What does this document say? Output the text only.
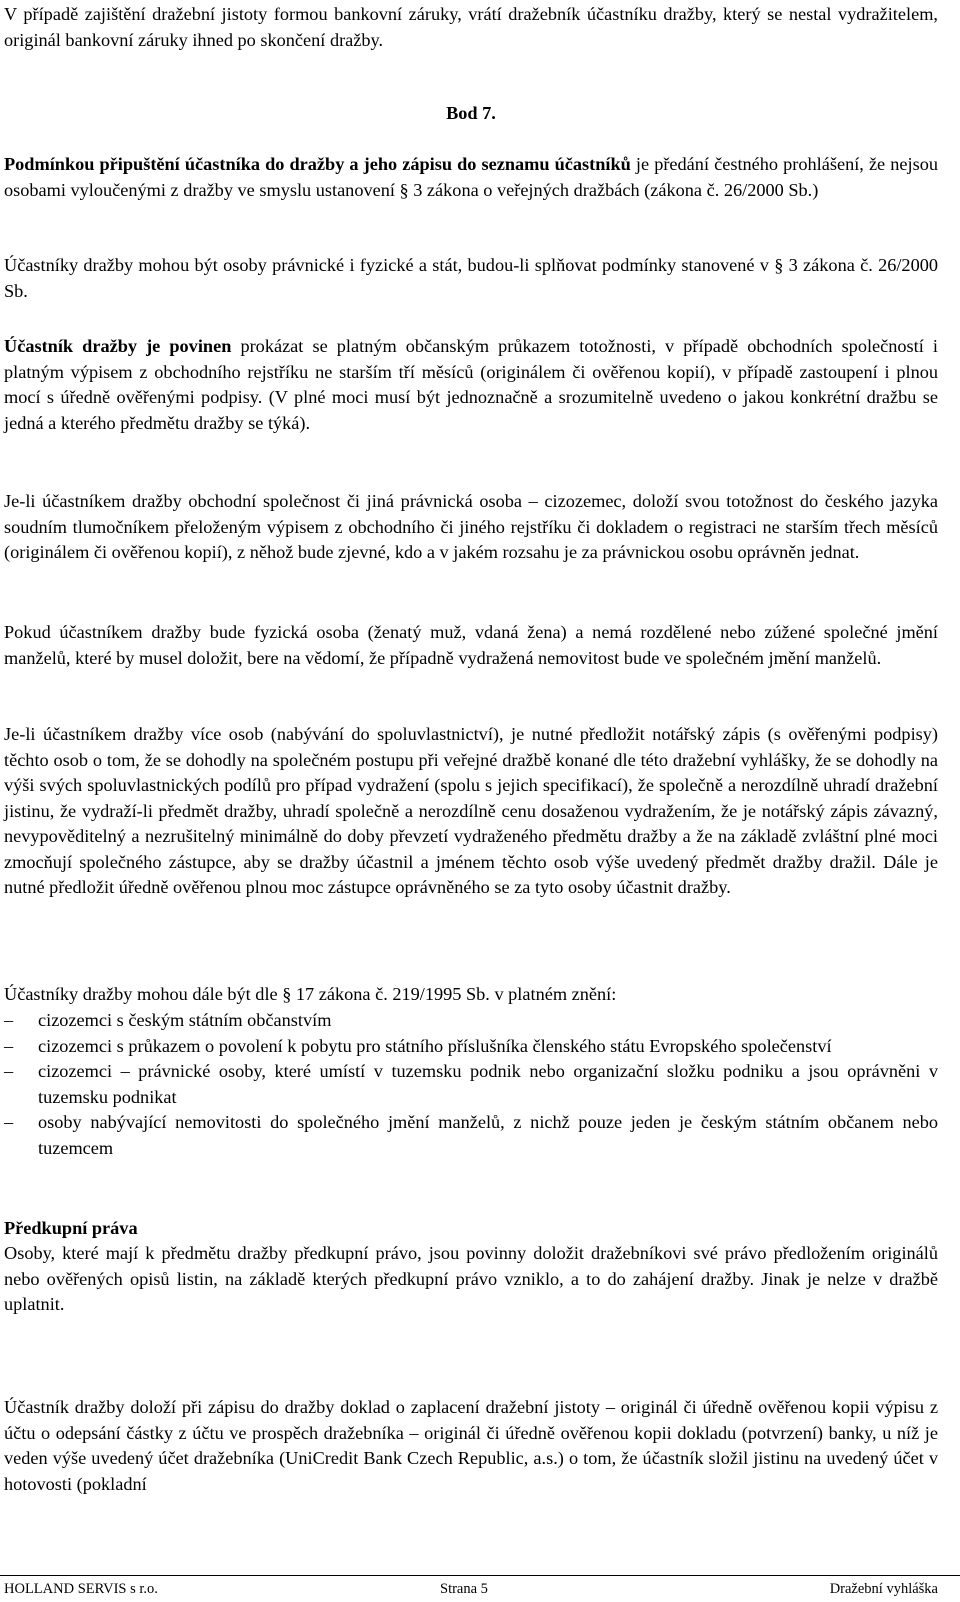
V případě zajištění dražební jistoty formou bankovní záruky, vrátí dražebník účastníku dražby, který se nestal vydražitelem, originál bankovní záruky ihned po skončení dražby.

Bod 7.

Podmínkou připuštění účastníka do dražby a jeho zápisu do seznamu účastníků je předání čestného prohlášení, že nejsou osobami vyloučenými z dražby ve smyslu ustanovení § 3 zákona o veřejných dražbách (zákona č. 26/2000 Sb.)

Účastníky dražby mohou být osoby právnické i fyzické a stát, budou-li splňovat podmínky stanovené v § 3 zákona č. 26/2000 Sb.

Účastník dražby je povinen prokázat se platným občanským průkazem totožnosti, v případě obchodních společností i platným výpisem z obchodního rejstříku ne starším tří měsíců (originálem či ověřenou kopií), v případě zastoupení i plnou mocí s úředně ověřenými podpisy. (V plné moci musí být jednoznačně a srozumitelně uvedeno o jakou konkrétní dražbu se jedná a kterého předmětu dražby se týká).

Je-li účastníkem dražby obchodní společnost či jiná právnická osoba – cizozemec, doloží svou totožnost do českého jazyka soudním tlumočníkem přeloženým výpisem z obchodního či jiného rejstříku či dokladem o registraci ne starším třech měsíců (originálem či ověřenou kopií), z něhož bude zjevné, kdo a v jakém rozsahu je za právnickou osobu oprávněn jednat.

Pokud účastníkem dražby bude fyzická osoba (ženatý muž, vdaná žena) a nemá rozdělené nebo zúžené společné jmění manželů, které by musel doložit, bere na vědomí, že případně vydražená nemovitost bude ve společném jmění manželů.

Je-li účastníkem dražby více osob (nabývání do spoluvlastnictví), je nutné předložit notářský zápis (s ověřenými podpisy) těchto osob o tom, že se dohodly na společném postupu při veřejné dražbě konané dle této dražební vyhlášky, že se dohodly na výši svých spoluvlastnických podílů pro případ vydražení (spolu s jejich specifikací), že společně a nerozdílně uhradí dražební jistinu, že vydraží-li předmět dražby, uhradí společně a nerozdílně cenu dosaženou vydražením, že je notářský zápis závazný, nevypověditelný a nezrušitelný minimálně do doby převzetí vydraženého předmětu dražby a že na základě zvláštní plné moci zmocňují společného zástupce, aby se dražby účastnil a jménem těchto osob výše uvedený předmět dražby dražil. Dále je nutné předložit úředně ověřenou plnou moc zástupce oprávněného se za tyto osoby účastnit dražby.

Účastníky dražby mohou dále být dle § 17 zákona č. 219/1995 Sb. v platném znění:

– cizozemci s českým státním občanstvím
– cizozemci s průkazem o povolení k pobytu pro státního příslušníka členského státu Evropského společenství
– cizozemci – právnické osoby, které umístí v tuzemsku podnik nebo organizační složku podniku a jsou oprávněni v tuzemsku podnikat
– osoby nabývající nemovitosti do společného jmění manželů, z nichž pouze jeden je českým státním občanem nebo tuzemcem

Předkupní práva

Osoby, které mají k předmětu dražby předkupní právo, jsou povinny doložit dražebníkovi své právo předložením originálů nebo ověřených opisů listin, na základě kterých předkupní právo vzniklo, a to do zahájení dražby. Jinak je nelze v dražbě uplatnit.

Účastník dražby doloží při zápisu do dražby doklad o zaplacení dražební jistoty – originál či úředně ověřenou kopii výpisu z účtu o odepsání částky z účtu ve prospěch dražebníka – originál či úředně ověřenou kopii dokladu (potvrzení) banky, u níž je veden výše uvedený účet dražebníka (UniCredit Bank Czech Republic, a.s.) o tom, že účastník složil jistinu na uvedený účet v hotovosti (pokladní

HOLLAND SERVIS s r.o.	Strana 5	Dražební vyhláška
